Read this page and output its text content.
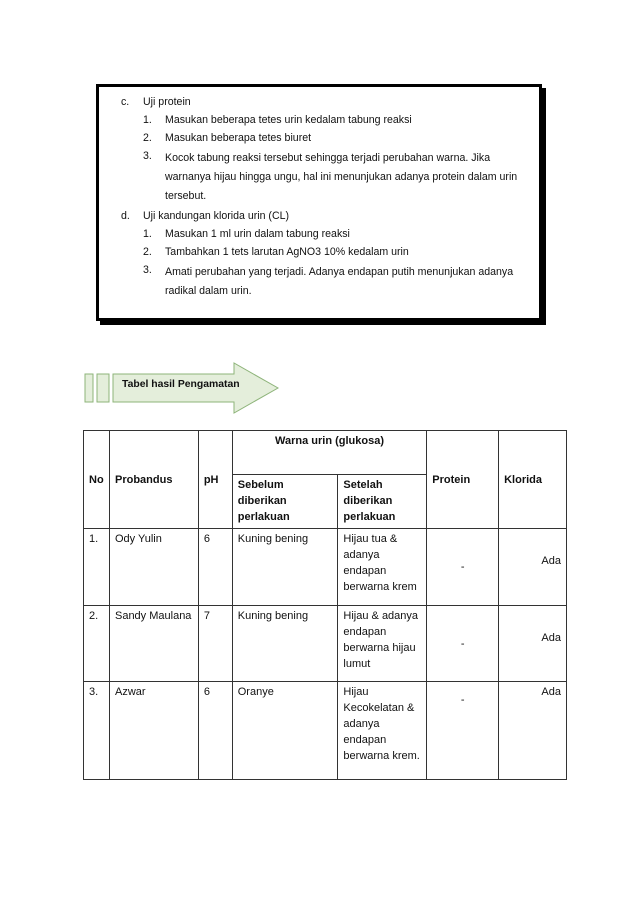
c.	Uji protein
1.	Masukan beberapa tetes urin kedalam tabung reaksi
2.	Masukan beberapa tetes biuret
3.	Kocok tabung reaksi tersebut sehingga terjadi perubahan warna. Jika warnanya hijau hingga ungu, hal ini menunjukan adanya protein dalam urin tersebut.
d.	Uji kandungan klorida urin (CL)
1.	Masukan 1 ml urin dalam tabung reaksi
2.	Tambahkan 1 tets larutan AgNO3 10% kedalam urin
3.	Amati perubahan yang terjadi. Adanya endapan putih menunjukan adanya radikal dalam urin.
Tabel hasil Pengamatan
No	Probandus	pH	Warna urin (glukosa)		Protein	Klorida
			Sebelum diberikan perlakuan	Setelah diberikan perlakuan		
1.	Ody Yulin	6	Kuning bening	Hijau tua & adanya endapan berwarna krem	-	Ada
2.	Sandy Maulana	7	Kuning bening	Hijau & adanya endapan berwarna hijau lumut	-	Ada
3.	Azwar	6	Oranye	Hijau Kecokelatan & adanya endapan berwarna krem.	-	Ada
